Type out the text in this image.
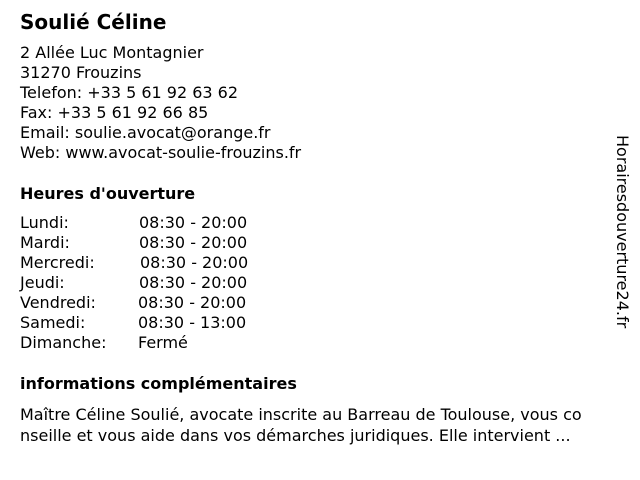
Soulié Céline
2 Allée Luc Montagnier
31270 Frouzins
Telefon: +33 5 61 92 63 62
Fax: +33 5 61 92 66 85
Email: soulie.avocat@orange.fr
Web: www.avocat-soulie-frouzins.fr
Heures d'ouverture
Lundi:	08:30 - 20:00
Mardi:	08:30 - 20:00
Mercredi:	08:30 - 20:00
Jeudi:	08:30 - 20:00
Vendredi:	08:30 - 20:00
Samedi:	08:30 - 13:00
Dimanche: Fermé
informations complémentaires
Maître Céline Soulié, avocate inscrite au Barreau de Toulouse, vous co
nseille et vous aide dans vos démarches juridiques. Elle intervient ...
Horairesdouverture24.fr
